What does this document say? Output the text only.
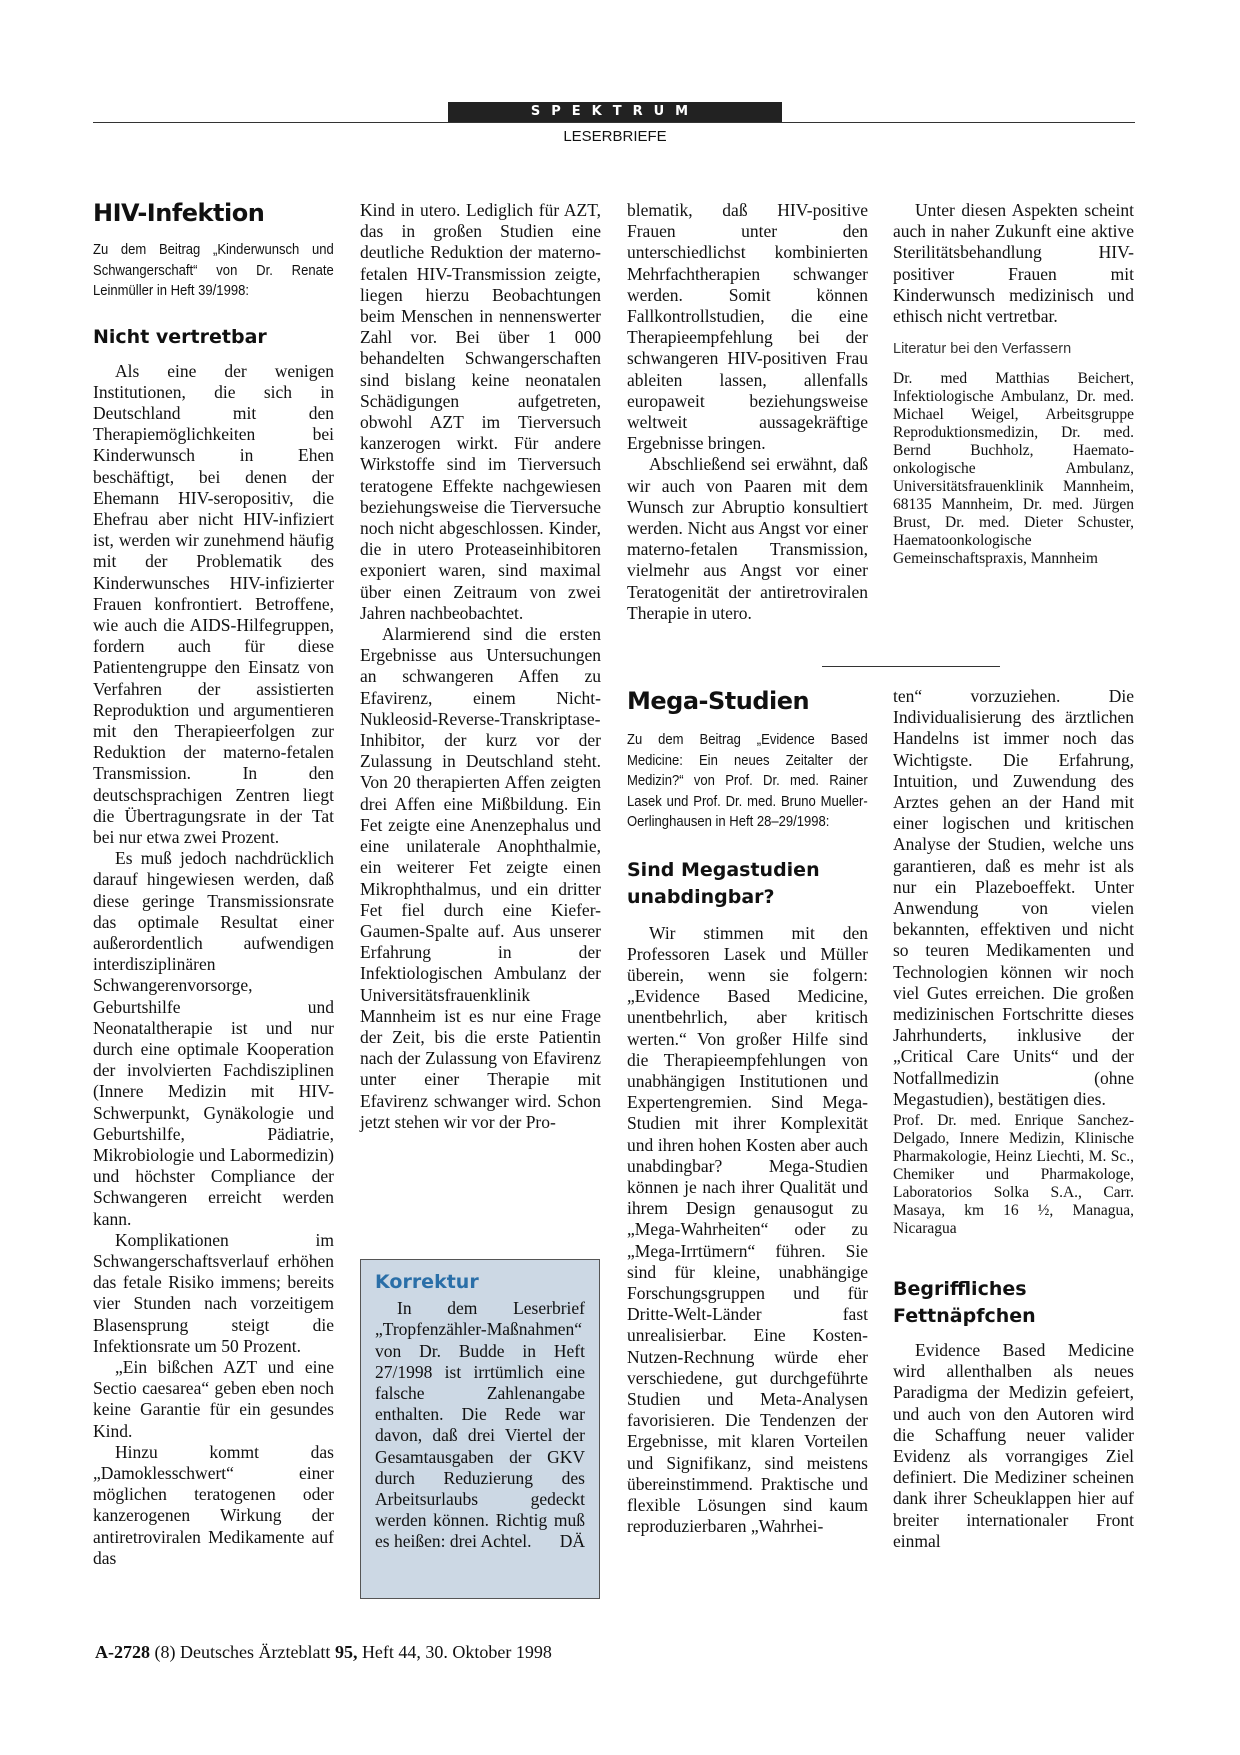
SPEKTRUM
LESERBRIEFE
HIV-Infektion
Zu dem Beitrag „Kinderwunsch und Schwangerschaft“ von Dr. Renate Leinmüller in Heft 39/1998:
Nicht vertretbar

Als eine der wenigen Institutionen, die sich in Deutschland mit den Therapiemöglichkeiten bei Kinderwunsch in Ehen beschäftigt, bei denen der Ehemann HIV-seropositiv, die Ehefrau aber nicht HIV-infiziert ist, werden wir zunehmend häufig mit der Problematik des Kinderwunsches HIV-infizierter Frauen konfrontiert. Betroffene, wie auch die AIDS-Hilfegruppen, fordern auch für diese Patientengruppe den Einsatz von Verfahren der assistierten Reproduktion und argumentieren mit den Therapieerfolgen zur Reduktion der materno-fetalen Transmission. In den deutschsprachigen Zentren liegt die Übertragungsrate in der Tat bei nur etwa zwei Prozent.

Es muß jedoch nachdrücklich darauf hingewiesen werden, daß diese geringe Transmissionsrate das optimale Resultat einer außerordentlich aufwendigen interdisziplinären Schwangerenvorsorge, Geburtshilfe und Neonataltherapie ist und nur durch eine optimale Kooperation der involvierten Fachdisziplinen (Innere Medizin mit HIV-Schwerpunkt, Gynäkologie und Geburtshilfe, Pädiatrie, Mikrobiologie und Labormedizin) und höchster Compliance der Schwangeren erreicht werden kann.

Komplikationen im Schwangerschaftsverlauf erhöhen das fetale Risiko immens; bereits vier Stunden nach vorzeitigem Blasensprung steigt die Infektionsrate um 50 Prozent.

„Ein bißchen AZT und eine Sectio caesarea“ geben eben noch keine Garantie für ein gesundes Kind.

Hinzu kommt das „Damoklesschwert“ einer möglichen teratogenen oder kanzerogenen Wirkung der antiretroviralen Medikamente auf das

Kind in utero. Lediglich für AZT, das in großen Studien eine deutliche Reduktion der materno-fetalen HIV-Transmission zeigte, liegen hierzu Beobachtungen beim Menschen in nennenswerter Zahl vor. Bei über 1 000 behandelten Schwangerschaften sind bislang keine neonatalen Schädigungen aufgetreten, obwohl AZT im Tierversuch kanzerogen wirkt. Für andere Wirkstoffe sind im Tierversuch teratogene Effekte nachgewiesen beziehungsweise die Tierversuche noch nicht abgeschlossen. Kinder, die in utero Proteaseinhibitoren exponiert waren, sind maximal über einen Zeitraum von zwei Jahren nachbeobachtet.

Alarmierend sind die ersten Ergebnisse aus Untersuchungen an schwangeren Affen zu Efavirenz, einem Nicht-Nukleosid-Reverse-Transkriptase-Inhibitor, der kurz vor der Zulassung in Deutschland steht. Von 20 therapierten Affen zeigten drei Affen eine Mißbildung. Ein Fet zeigte eine Anenzephalus und eine unilaterale Anophthalmie, ein weiterer Fet zeigte einen Mikrophthalmus, und ein dritter Fet fiel durch eine Kiefer-Gaumen-Spalte auf. Aus unserer Erfahrung in der Infektiologischen Ambulanz der Universitätsfrauenklinik Mannheim ist es nur eine Frage der Zeit, bis die erste Patientin nach der Zulassung von Efavirenz unter einer Therapie mit Efavirenz schwanger wird. Schon jetzt stehen wir vor der Pro-

Korrektur

In dem Leserbrief „Tropfenzähler-Maßnahmen“ von Dr. Budde in Heft 27/1998 ist irrtümlich eine falsche Zahlenangabe enthalten. Die Rede war davon, daß drei Viertel der Gesamtausgaben der GKV durch Reduzierung des Arbeitsurlaubs gedeckt werden können. Richtig muß es heißen: drei Achtel.	DÄ

blematik, daß HIV-positive Frauen unter den unterschiedlichst kombinierten Mehrfachtherapien schwanger werden. Somit können Fallkontrollstudien, die eine Therapieempfehlung bei der schwangeren HIV-positiven Frau ableiten lassen, allenfalls europaweit beziehungsweise weltweit aussagekräftige Ergebnisse bringen.

Abschließend sei erwähnt, daß wir auch von Paaren mit dem Wunsch zur Abruptio konsultiert werden. Nicht aus Angst vor einer materno-fetalen Transmission, vielmehr aus Angst vor einer Teratogenität der antiretroviralen Therapie in utero.

Mega-Studien
Zu dem Beitrag „Evidence Based Medicine: Ein neues Zeitalter der Medizin?“ von Prof. Dr. med. Rainer Lasek und Prof. Dr. med. Bruno Mueller-Oerlinghausen in Heft 28–29/1998:
Sind Megastudien unabdingbar?

Wir stimmen mit den Professoren Lasek und Müller überein, wenn sie folgern: „Evidence Based Medicine, unentbehrlich, aber kritisch werten.“ Von großer Hilfe sind die Therapieempfehlungen von unabhängigen Institutionen und Expertengremien. Sind Mega-Studien mit ihrer Komplexität und ihren hohen Kosten aber auch unabdingbar? Mega-Studien können je nach ihrer Qualität und ihrem Design genausogut zu „Mega-Wahrheiten“ oder zu „Mega-Irrtümern“ führen. Sie sind für kleine, unabhängige Forschungsgruppen und für Dritte-Welt-Länder fast unrealisierbar. Eine Kosten-Nutzen-Rechnung würde eher verschiedene, gut durchgeführte Studien und Meta-Analysen favorisieren. Die Tendenzen der Ergebnisse, mit klaren Vorteilen und Signifikanz, sind meistens übereinstimmend. Praktische und flexible Lösungen sind kaum reproduzierbaren „Wahrhei-

Unter diesen Aspekten scheint auch in naher Zukunft eine aktive Sterilitätsbehandlung HIV-positiver Frauen mit Kinderwunsch medizinisch und ethisch nicht vertretbar.

Literatur bei den Verfassern

Dr. med Matthias Beichert, Infektiologische Ambulanz, Dr. med. Michael Weigel, Arbeitsgruppe Reproduktionsmedizin, Dr. med. Bernd Buchholz, Haemato-onkologische Ambulanz, Universitätsfrauenklinik Mannheim, 68135 Mannheim, Dr. med. Jürgen Brust, Dr. med. Dieter Schuster, Haematoonkologische Gemeinschaftspraxis, Mannheim

ten“ vorzuziehen. Die Individualisierung des ärztlichen Handelns ist immer noch das Wichtigste. Die Erfahrung, Intuition, und Zuwendung des Arztes gehen an der Hand mit einer logischen und kritischen Analyse der Studien, welche uns garantieren, daß es mehr ist als nur ein Plazeboeffekt. Unter Anwendung von vielen bekannten, effektiven und nicht so teuren Medikamenten und Technologien können wir noch viel Gutes erreichen. Die großen medizinischen Fortschritte dieses Jahrhunderts, inklusive der „Critical Care Units“ und der Notfallmedizin (ohne Megastudien), bestätigen dies.

Prof. Dr. med. Enrique Sanchez-Delgado, Innere Medizin, Klinische Pharmakologie, Heinz Liechti, M. Sc., Chemiker und Pharmakologe, Laboratorios Solka S.A., Carr. Masaya, km 16 ½, Managua, Nicaragua

Begriffliches Fettnäpfchen

Evidence Based Medicine wird allenthalben als neues Paradigma der Medizin gefeiert, und auch von den Autoren wird die Schaffung neuer valider Evidenz als vorrangiges Ziel definiert. Die Mediziner scheinen dank ihrer Scheuklappen hier auf breiter internationaler Front einmal

A-2728 (8) Deutsches Ärzteblatt 95, Heft 44, 30. Oktober 1998
